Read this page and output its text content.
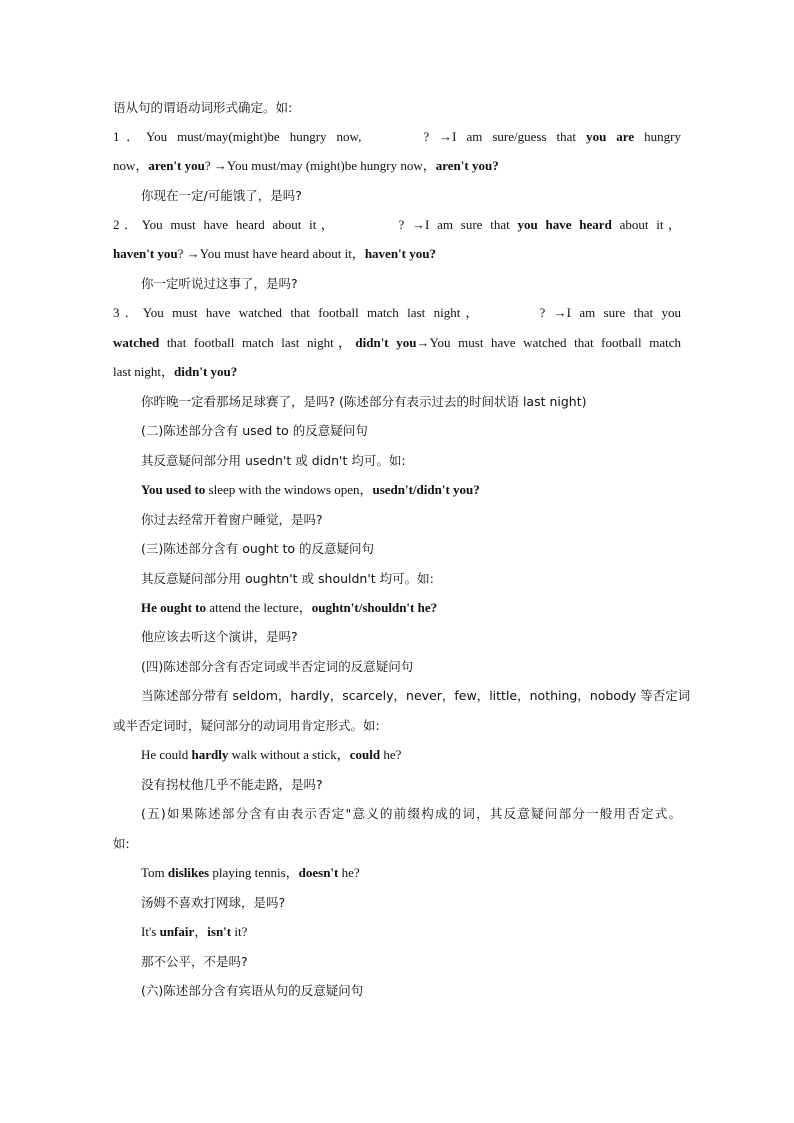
语从句的谓语动词形式确定。如:
1．You must/may(might)be hungry now,	? →I am sure/guess that you are hungry
now，aren't you? →You must/may (might)be hungry now，aren't you?
你现在一定/可能饿了，是吗?
2．You must have heard about it，	? →I am sure that you have heard about it，
haven't you? →You must have heard about it，haven't you?
你一定听说过这事了，是吗?
3．You must have watched that football match last night，	? →I am sure that you
watched that football match last night，didn't you→You must have watched that football match
last night，didn't you?
你昨晚一定看那场足球赛了，是吗? (陈述部分有表示过去的时间状语 last night)
(二)陈述部分含有 used to 的反意疑问句
其反意疑问部分用 usedn't 或 didn't 均可。如:
You used to sleep with the windows open，usedn't/didn't you?
你过去经常开着窗户睡觉，是吗?
(三)陈述部分含有 ought to 的反意疑问句
其反意疑问部分用 oughtn't 或 shouldn't 均可。如:
He ought to attend the lecture，oughtn't/shouldn't he?
他应该去听这个演讲，是吗?
(四)陈述部分含有否定词或半否定词的反意疑问句
当陈述部分带有 seldom，hardly，scarcely，never，few，little，nothing，nobody 等否定词
或半否定词时，疑问部分的动词用肯定形式。如:
He could hardly walk without a stick，could he?
没有拐杖他几乎不能走路，是吗?
(五)如果陈述部分含有由表示否定"意义的前缀构成的词，其反意疑问部分一般用否定式。
如:
Tom dislikes playing tennis，doesn't he?
汤姆不喜欢打网球，是吗?
It's unfair，isn't it?
那不公平，不是吗?
(六)陈述部分含有宾语从句的反意疑问句
